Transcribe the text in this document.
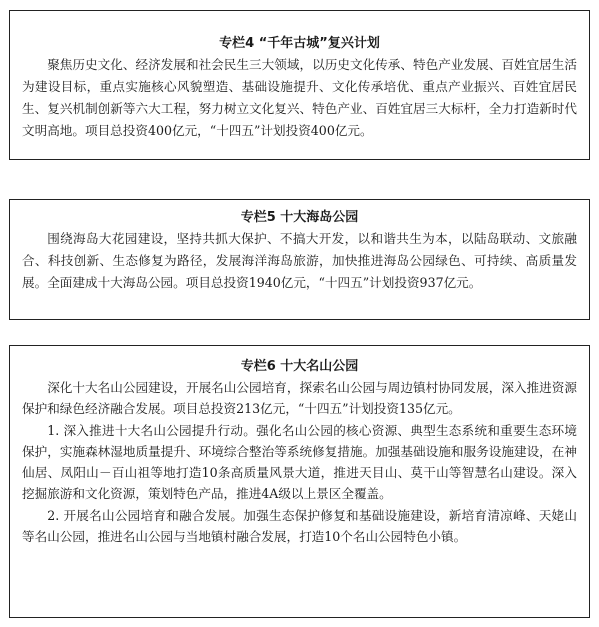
专栏4 “千年古城”复兴计划

聚焦历史文化、经济发展和社会民生三大领域，以历史文化传承、特色产业发展、百姓宜居生活为建设目标，重点实施核心风貌塑造、基础设施提升、文化传承培优、重点产业振兴、百姓宜居民生、复兴机制创新等六大工程，努力树立文化复兴、特色产业、百姓宜居三大标杆，全力打造新时代文明高地。项目总投资400亿元，“十四五”计划投资400亿元。

专栏5 十大海岛公园

围绕海岛大花园建设，坚持共抓大保护、不搞大开发，以和谐共生为本，以陆岛联动、文旅融合、科技创新、生态修复为路径，发展海洋海岛旅游，加快推进海岛公园绿色、可持续、高质量发展。全面建成十大海岛公园。项目总投资1940亿元，“十四五”计划投资937亿元。

专栏6 十大名山公园

深化十大名山公园建设，开展名山公园培育，探索名山公园与周边镇村协同发展，深入推进资源保护和绿色经济融合发展。项目总投资213亿元，“十四五”计划投资135亿元。

1. 深入推进十大名山公园提升行动。强化名山公园的核心资源、典型生态系统和重要生态环境保护，实施森林湿地质量提升、环境综合整治等系统修复措施。加强基础设施和服务设施建设，在神仙居、凤阳山－百山祖等地打造10条高质量风景大道，推进天目山、莫干山等智慧名山建设。深入挖掘旅游和文化资源，策划特色产品，推进4A级以上景区全覆盖。

2. 开展名山公园培育和融合发展。加强生态保护修复和基础设施建设，新培育清凉峰、天姥山等名山公园，推进名山公园与当地镇村融合发展，打造10个名山公园特色小镇。
